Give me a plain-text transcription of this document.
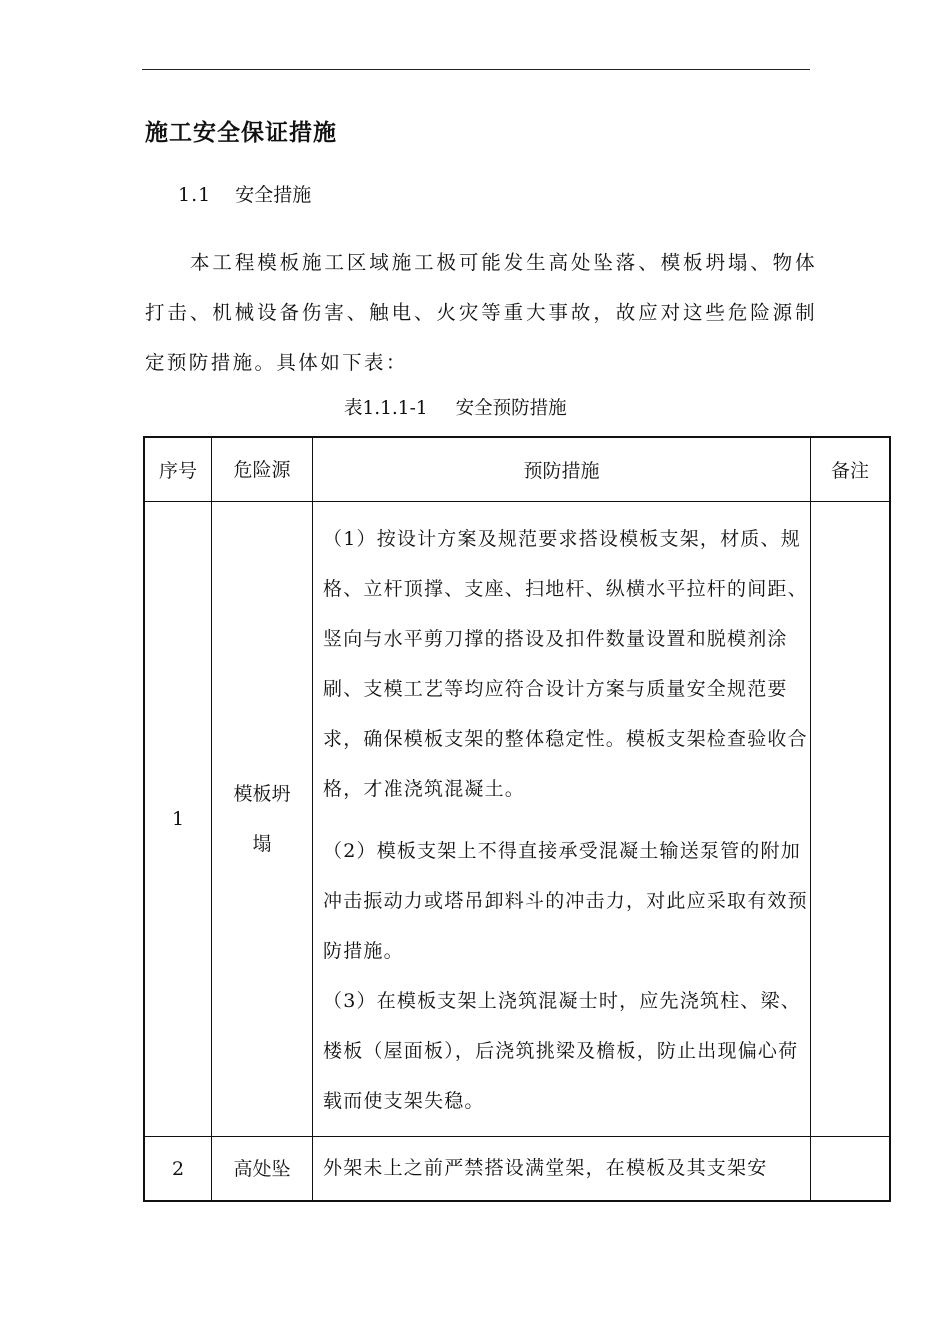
施工安全保证措施
1.1 安全措施

本工程模板施工区域施工极可能发生高处坠落、模板坍塌、物体打击、机械设备伤害、触电、火灾等重大事故，故应对这些危险源制定预防措施。具体如下表：

表1.1.1-1 安全预防措施
序号	危险源	预防措施	备注
1	模板坍塌	（1）按设计方案及规范要求搭设模板支架，材质、规格、立杆顶撑、支座、扫地杆、纵横水平拉杆的间距、竖向与水平剪刀撑的搭设及扣件数量设置和脱模剂涂刷、支模工艺等均应符合设计方案与质量安全规范要求，确保模板支架的整体稳定性。模板支架检查验收合格，才准浇筑混凝土。

（2）模板支架上不得直接承受混凝土输送泵管的附加冲击振动力或塔吊卸料斗的冲击力，对此应采取有效预防措施。

（3）在模板支架上浇筑混凝士时，应先浇筑柱、梁、楼板（屋面板），后浇筑挑梁及檐板，防止出现偏心荷载而使支架失稳。	

2	高处坠	外架未上之前严禁搭设满堂架，在模板及其支架安	
